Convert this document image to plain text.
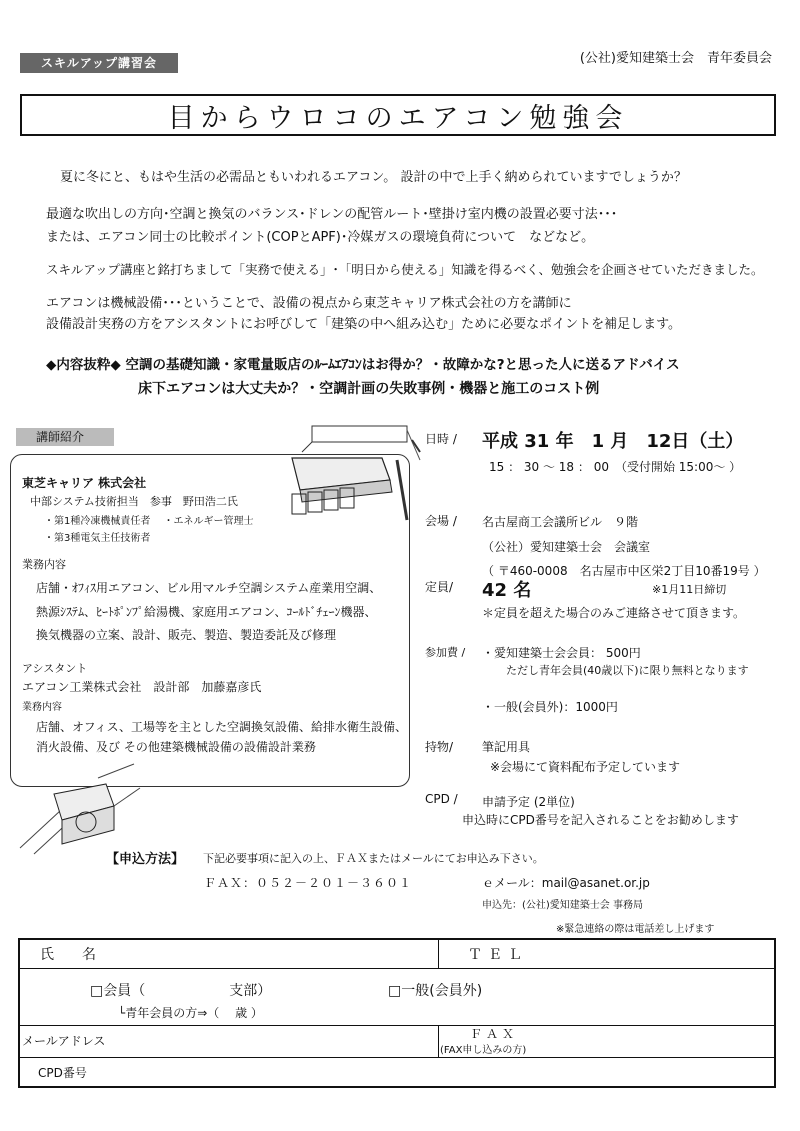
スキルアップ講習会	(公社)愛知建築士会　青年委員会
目からウロコのエアコン勉強会
夏に冬にと、もはや生活の必需品ともいわれるエアコン。 設計の中で上手く納められていますでしょうか？
最適な吹出しの方向･空調と換気のバランス･ドレンの配管ルート･壁掛け室内機の設置必要寸法･･･
または、エアコン同士の比較ポイント(COPとAPF)･冷媒ガスの環境負荷について　などなど。
スキルアップ講座と銘打ちまして「実務で使える」･「明日から使える」知識を得るべく、勉強会を企画させていただきました。
エアコンは機械設備･･･ということで、設備の視点から東芝キャリア株式会社の方を講師に
設備設計実務の方をアシスタントにお呼びして「建築の中へ組み込む」ために必要なポイントを補足します。
◆内容抜粋◆ 空調の基礎知識・家電量販店のﾙｰﾑｴｱｺﾝはお得か？・故障かな?と思った人に送るアドバイス
床下エアコンは大丈夫か？・空調計画の失敗事例・機器と施工のコスト例
講師紹介
東芝キャリア 株式会社
中部システム技術担当　参事　野田浩二氏
・第1種冷凍機械責任者　 ・エネルギー管理士
・第3種電気主任技術者
業務内容
店舗・ｵﾌｨｽ用エアコン、ビル用マルチ空調システム産業用空調、
熱源ｼｽﾃﾑ、ﾋｰﾄﾎﾟﾝﾌﾟ給湯機、家庭用エアコン、ｺｰﾙﾄﾞﾁｪｰﾝ機器、
換気機器の立案、設計、販売、製造、製造委託及び修理
アシスタント
エアコン工業株式会社　設計部　加藤嘉彦氏
業務内容
店舗、オフィス、工場等を主とした空調換気設備、給排水衛生設備、
消火設備、及び その他建築機械設備の設備設計業務
日時 / 平成 31 年　1 月　12日（土）
15 ： 30 ～ 18 ： 00　（受付開始 15:00～ ）
会場 / 名古屋商工会議所ビル　９階
（公社）愛知建築士会　会議室
（ 〒460-0008　名古屋市中区栄2丁目10番19号 ）
定員/ 42 名	※1月11日締切
＊定員を超えた場合のみご連絡させて頂きます。
参加費 / ・愛知建築士会会員： 500円
ただし青年会員(40歳以下)に限り無料となります
・一般(会員外)：1000円
持物/ 筆記用具
※会場にて資料配布予定しています
CPD / 申請予定 (2単位)
申込時にCPD番号を記入されることをお勧めします
【申込方法】 下記必要事項に記入の上、ＦＡＸまたはメールにてお申込み下さい。
ＦＡＸ：０５２－２０１－３６０１	ｅメール：mail@asanet.or.jp
申込先：(公社)愛知建築士会 事務局
※緊急連絡の際は電話差し上げます
氏　　名	ＴＥＬ
□会員（　　　　　　支部）	□一般(会員外)
└青年会員の方⇒（　 歳 ）
メールアドレス	ＦＡＸ
(FAX申し込みの方)
CPD番号
